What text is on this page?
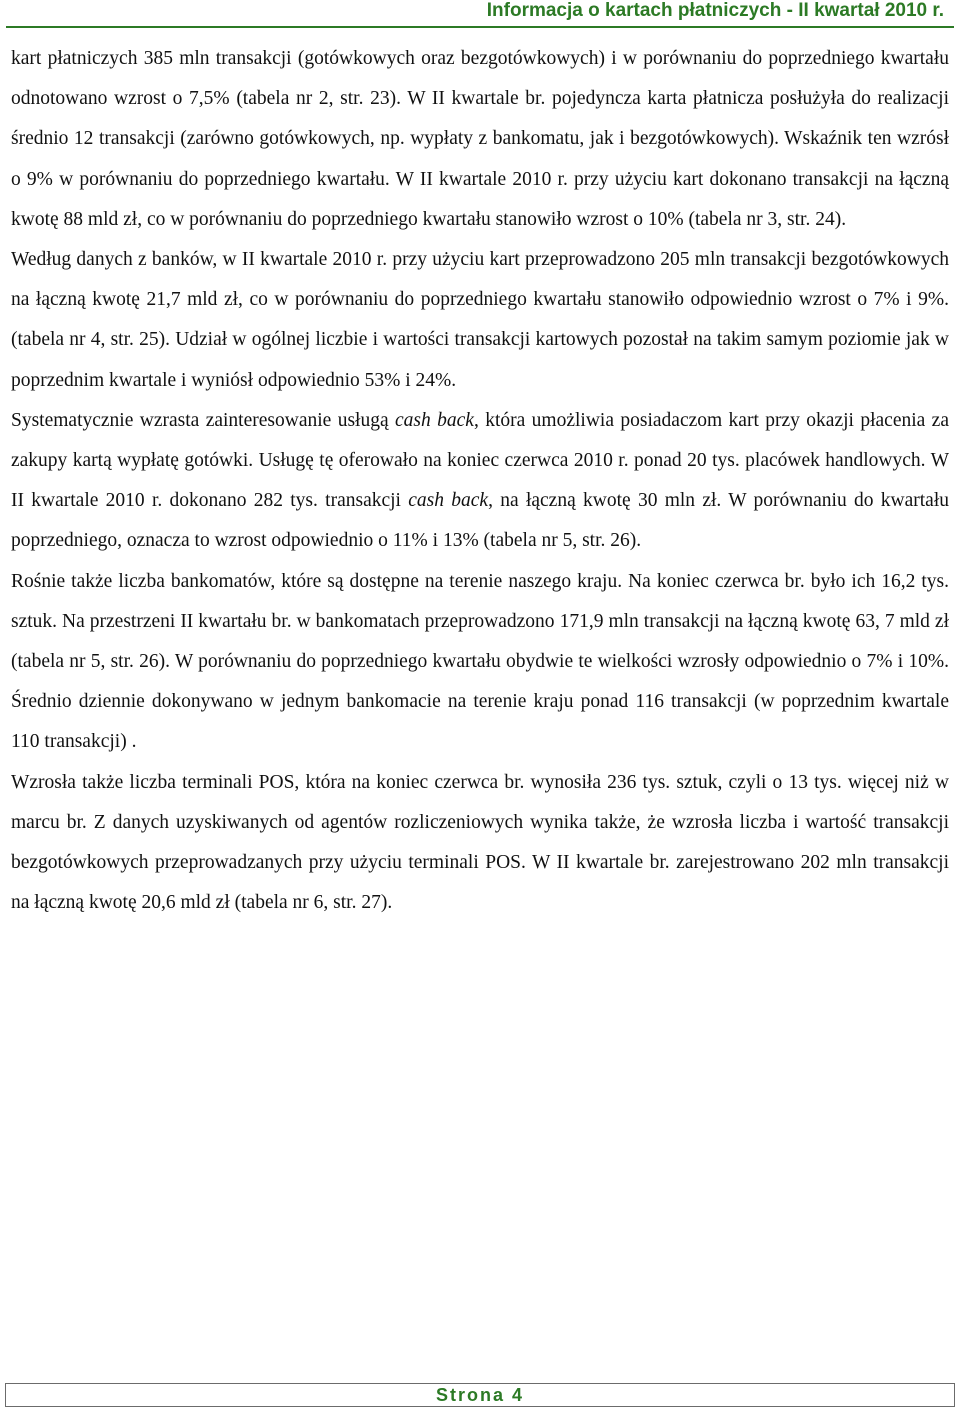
Informacja o kartach płatniczych - II kwartał 2010 r.

kart płatniczych 385 mln transakcji (gotówkowych oraz bezgotówkowych) i w porównaniu do poprzedniego kwartału odnotowano wzrost o 7,5% (tabela nr 2, str. 23). W II kwartale br. pojedyncza karta płatnicza posłużyła do realizacji średnio 12 transakcji (zarówno gotówkowych, np. wypłaty z bankomatu, jak i bezgotówkowych). Wskaźnik ten wzrósł o 9% w porównaniu do poprzedniego kwartału. W II kwartale 2010 r. przy użyciu kart dokonano transakcji na łączną kwotę 88 mld zł, co w porównaniu do poprzedniego kwartału stanowiło wzrost o 10% (tabela nr 3, str. 24).

Według danych z banków, w II kwartale 2010 r. przy użyciu kart przeprowadzono 205 mln transakcji bezgotówkowych na łączną kwotę 21,7 mld zł, co w porównaniu do poprzedniego kwartału stanowiło odpowiednio wzrost o 7% i 9%.(tabela nr 4, str. 25). Udział w ogólnej liczbie i wartości transakcji kartowych pozostał na takim samym poziomie jak w poprzednim kwartale i wyniósł odpowiednio 53% i 24%.

Systematycznie wzrasta zainteresowanie usługą cash back, która umożliwia posiadaczom kart przy okazji płacenia za zakupy kartą wypłatę gotówki. Usługę tę oferowało na koniec czerwca 2010 r. ponad 20 tys. placówek handlowych. W II kwartale 2010 r. dokonano 282 tys. transakcji cash back, na łączną kwotę 30 mln zł. W porównaniu do kwartału poprzedniego, oznacza to wzrost odpowiednio o 11% i 13% (tabela nr 5, str. 26).

Rośnie także liczba bankomatów, które są dostępne na terenie naszego kraju. Na koniec czerwca br. było ich 16,2 tys. sztuk. Na przestrzeni II kwartału br. w bankomatach przeprowadzono 171,9 mln transakcji na łączną kwotę 63, 7 mld zł (tabela nr 5, str. 26). W porównaniu do poprzedniego kwartału obydwie te wielkości wzrosły odpowiednio o 7% i 10%. Średnio dziennie dokonywano w jednym bankomacie na terenie kraju ponad 116 transakcji (w poprzednim kwartale 110 transakcji) .

Wzrosła także liczba terminali POS, która na koniec czerwca br. wynosiła 236 tys. sztuk, czyli o 13 tys. więcej niż w marcu br. Z danych uzyskiwanych od agentów rozliczeniowych wynika także, że wzrosła liczba i wartość transakcji bezgotówkowych przeprowadzanych przy użyciu terminali POS. W II kwartale br. zarejestrowano 202 mln transakcji na łączną kwotę 20,6 mld zł (tabela nr 6, str. 27).

Strona 4
